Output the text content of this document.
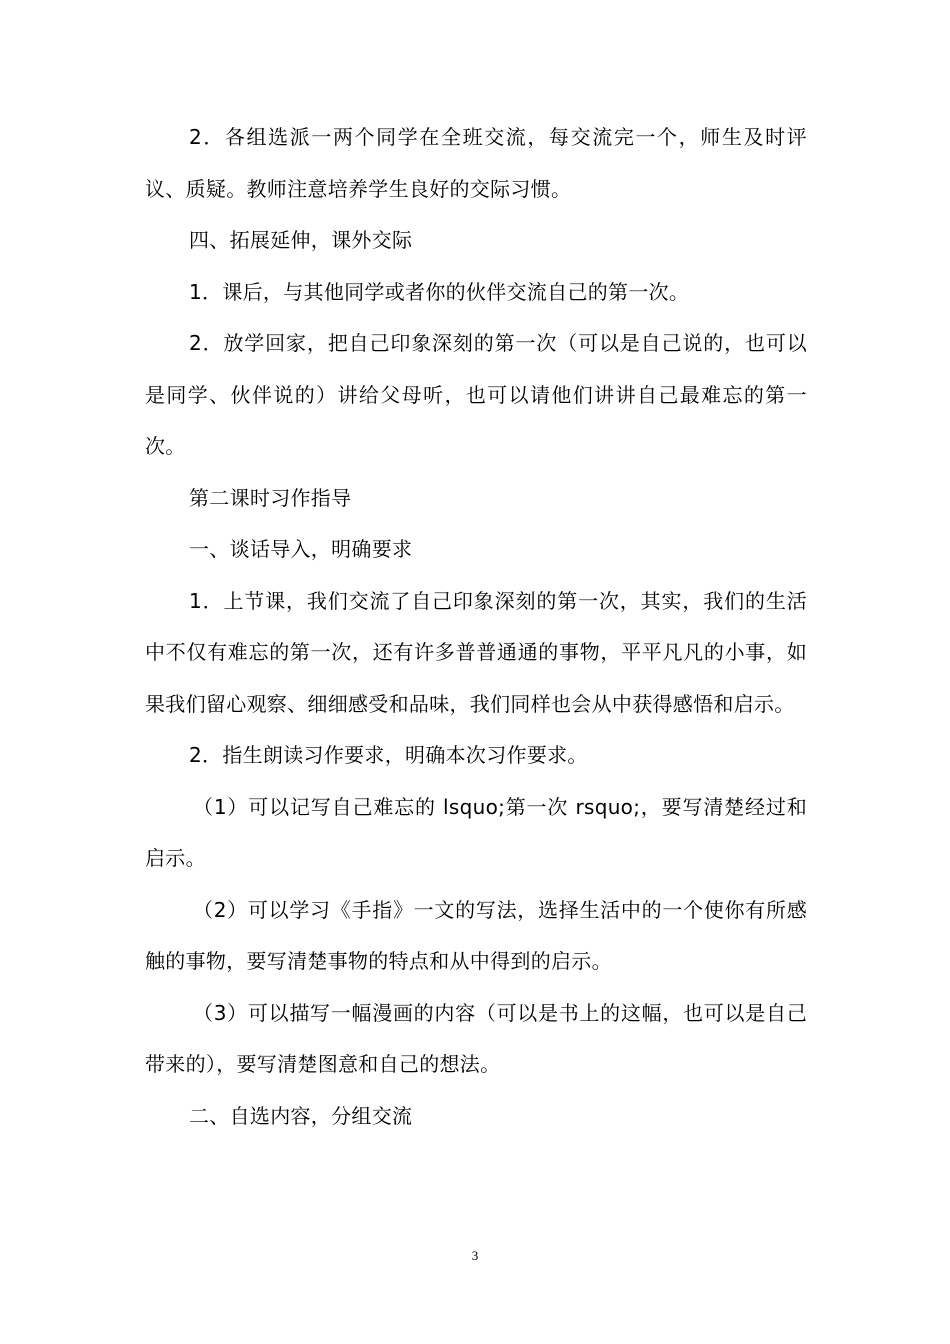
2．各组选派一两个同学在全班交流，每交流完一个，师生及时评议、质疑。教师注意培养学生良好的交际习惯。

四、拓展延伸，课外交际

1．课后，与其他同学或者你的伙伴交流自己的第一次。

2．放学回家，把自己印象深刻的第一次（可以是自己说的，也可以是同学、伙伴说的）讲给父母听，也可以请他们讲讲自己最难忘的第一次。

第二课时习作指导

一、谈话导入，明确要求

1．上节课，我们交流了自己印象深刻的第一次，其实，我们的生活中不仅有难忘的第一次，还有许多普普通通的事物，平平凡凡的小事，如果我们留心观察、细细感受和品味，我们同样也会从中获得感悟和启示。

2．指生朗读习作要求，明确本次习作要求。

（1）可以记写自己难忘的 lsquo;第一次 rsquo;，要写清楚经过和启示。

（2）可以学习《手指》一文的写法，选择生活中的一个使你有所感触的事物，要写清楚事物的特点和从中得到的启示。

（3）可以描写一幅漫画的内容（可以是书上的这幅，也可以是自己带来的），要写清楚图意和自己的想法。

二、自选内容，分组交流

3
